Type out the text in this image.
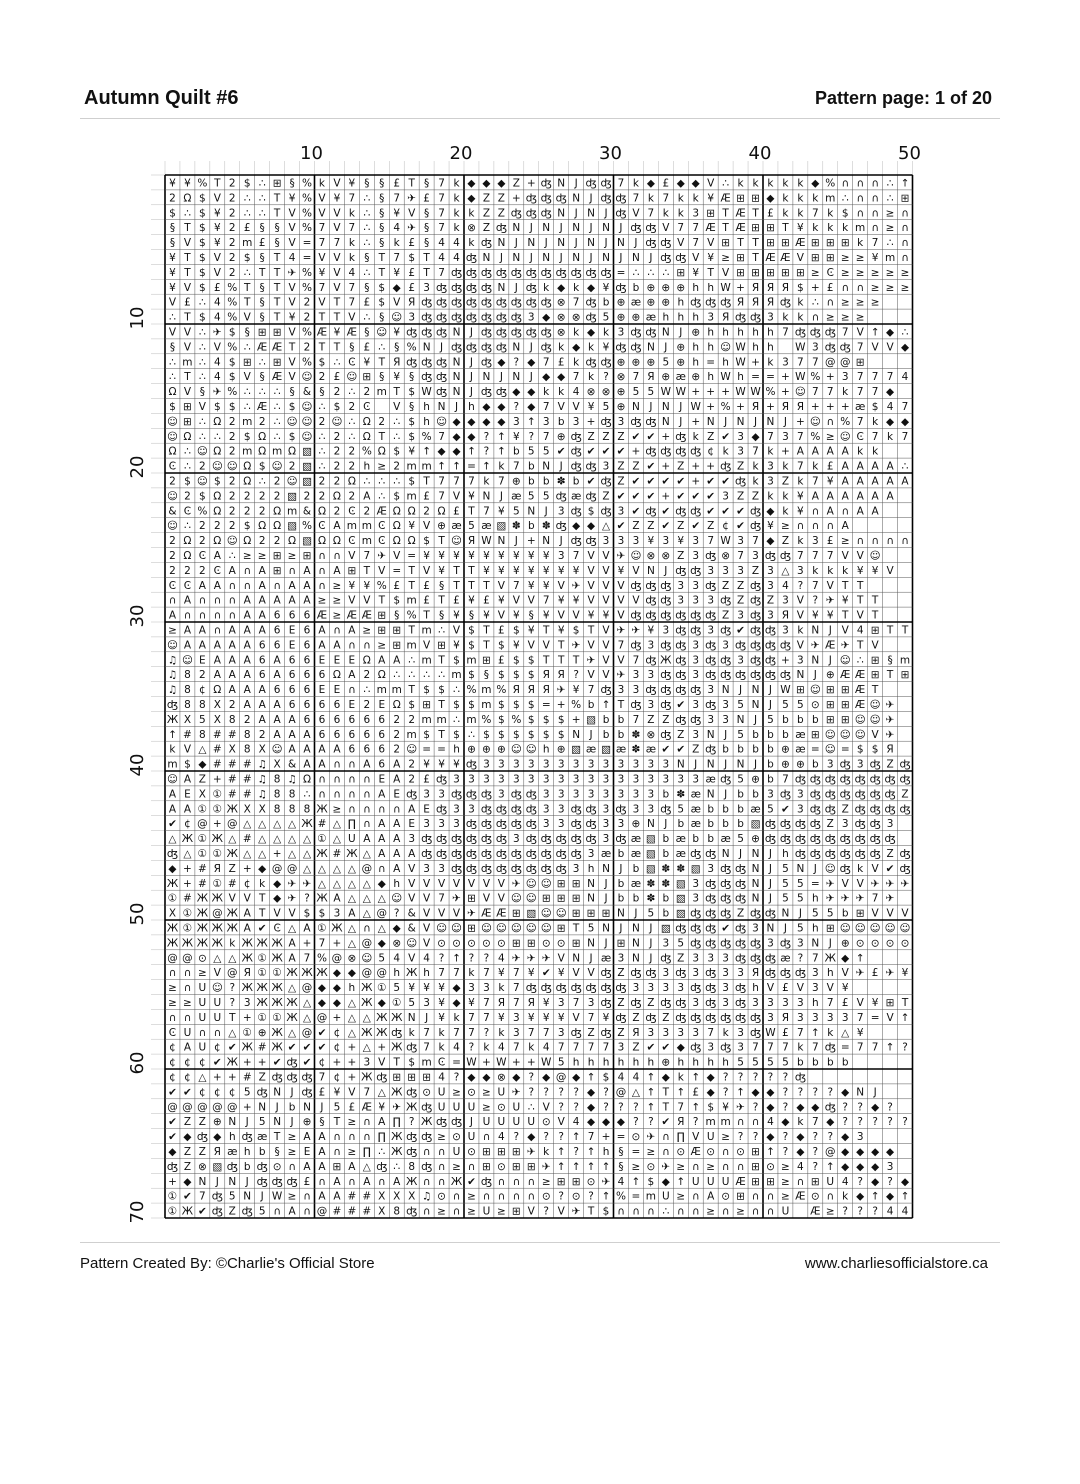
Autumn Quilt #6	Pattern page: 1 of 20
¥ ¥ % T 2 $ ∴ ⊞ § % k V ¥ § § £ T § 7 k ◆ ◆ ◆ Z + ʤ N J ʤ ʤ 7 k ◆ £ ◆ ◆ V ∴ k k k k k ◆ % ∩ ∩ ∩ ∴ ↑
2 Ω $ V 2 ∴ ∴ T ¥ % V ¥ 7 ∴ § 7 ✈ £ 7 k ◆ Z Z + ʤ ʤ ʤ N J ʤ ʤ 7 k 7 k k ¥ Æ ⊞ ⊞ ◆ k k k m ∴ ∩ ∩ ∴ ⊞
$ ∴ $ ¥ 2 ∴ ∴ T V % V V k ∴ § ¥ V § 7 k k Z Z ʤ ʤ ʤ N J N J ʤ V 7 k k 3 ⊞ T Æ T £ k k 7 k $ ∩ ∩ ≥ ∩
§ T $ ¥ 2 £ § § V % 7 V 7 ∴ § 4 ✈ § 7 k ⊗ Z ʤ N J N J N J N J ʤ ʤ V 7 7 Æ T Æ ⊞ ⊞ T ¥ k k k m ∩ ≥ ∩
§ V $ ¥ 2 m £ § V = 7 7 k ∴ § k £ § 4 4 k ʤ N J N J N J N J N J ʤ ʤ V 7 V ⊞ T T ⊞ ⊞ Æ ⊞ ⊞ ⊞ k 7 ∴ ∩
¥ T $ V 2 $ § T 4 = V V k § T 7 $ T 4 4 ʤ N J N J N J N J N J N J ʤ ʤ V ¥ ≥ ⊞ T Æ Æ V ⊞ ⊞ ≥ ≥ ¥ m ∩
¥ T $ V 2 ∴ T T ✈ % ¥ V 4 ∴ T ¥ £ T 7 ʤ ʤ ʤ ʤ ʤ ʤ ʤ ʤ ʤ ʤ ʤ = ∴ ∴ ∴ ⊞ ¥ T V ⊞ ⊞ ⊞ ⊞ ⊞ ≥ Ͼ ≥ ≥ ≥ ≥ ≥
¥ V $ £ % T § T V % 7 V 7 § $ ◆ £ 3 ʤ ʤ ʤ ʤ N J ʤ k ◆ k ◆ ¥ ʤ b ⊕ ⊕ ⊕ h h W + Я Я Я $ + £ ∩ ∩ ≥ ≥ ≥
V £ ∴ 4 % T § T V 2 V T 7 £ $ V Я ʤ ʤ ʤ ʤ ʤ ʤ ʤ ʤ ʤ ⊗ 7 ʤ b ⊕ æ ⊕ ⊕ h ʤ ʤ ʤ Я Я Я ʤ k ∴ ∩ ≥ ≥ ≥
∴ T $ 4 % V § T ¥ 2 T T V ∴ § ☺ 3 ʤ ʤ ʤ ʤ ʤ ʤ ʤ 3 ◆ ⊗ ⊗ ʤ 5 ⊕ ⊕ æ h h h 3 Я ʤ ʤ 3 k k ∩ ≥ ≥ ≥
V V ∴ ✈ $ § ⊞ ⊞ V % Æ ¥ Æ § ☺ ¥ ʤ ʤ ʤ N J ʤ ʤ ʤ ʤ ʤ ⊗ k ◆ k 3 ʤ ʤ N J ⊕ h h h h h 7 ʤ ʤ ʤ 7 V ↑ ◆ ∴
§ V ∴ V % ∴ Æ Æ T 2 T T § £ ∴ § % N J ʤ ʤ ʤ ʤ N J ʤ k ◆ k ¥ ʤ ʤ N J ⊕ h h ☺ W h h W 3 ʤ ʤ 7 V V ◆
∴ m ∴ 4 $ ⊞ ∴ ⊞ V % $ ∴ Ͼ ¥ T Я ʤ ʤ ʤ N J ʤ ◆ ? ◆ 7 £ k ʤ ʤ ⊕ ⊕ ⊕ 5 ⊕ h = h W + k 3 7 7 @ @ ⊞
∴ T ∴ 4 $ V § Æ V ☺ 2 £ ☺ ⊞ § ¥ § ʤ ʤ N J N J N J ◆ ◆ 7 k ? ⊗ 7 Я ⊕ æ ⊕ h W h = = + W % + 3 7 7 7 4
Ω V § ✈ % ∴ ∴ ∴ § & § 2 ∴ 2 m T $ W ʤ N J ʤ ʤ ◆ ◆ k k 4 ⊗ ⊗ ⊕ 5 5 W W + + + W W % + ☺ 7 7 k 7 7 ◆
$ ⊞ V $ $ ∴ Æ ∴ $ ☺ ∴ $ 2 Ͼ V § h N J h ◆ ◆ ? ◆ 7 V V ¥ 5 ⊕ N J N J W + % + Я + Я Я + + + æ $ 4 7
☺ ⊞ ∴ Ω 2 m 2 ∴ ☺ ☺ 2 ☺ ∴ Ω 2 ∴ $ h ☺ ◆ ◆ ◆ ◆ 3 ↑ 3 b 3 + ʤ 3 ʤ ʤ N J + N J N J N J + ☺ ∩ % 7 k ◆ ◆
☺ Ω ∴ ∴ 2 $ Ω ∴ $ ☺ ∴ 2 ∴ Ω T ∴ $ % 7 ◆ ◆ ? ↑ ¥ ? 7 ⊕ ʤ Z Z Z ✔ ✔ + ʤ k Z ✔ 3 ◆ 7 3 7 % ≥ ☺ Ͼ 7 k 7
Ω ∴ ☺ Ω 2 m Ω m Ω ▧ ∴ 2 2 % Ω $ ¥ ↑ ◆ ◆ ↑ ? ↑ b 5 5 ✔ ʤ ✔ ✔ ✔ + ʤ ʤ ʤ ʤ ¢ k 3 7 k + A A A A k k
Ͼ ∴ 2 ☺ ☺ Ω $ ☺ 2 ▧ ∴ 2 2 h ≥ 2 m m ↑ ↑ = ↑ k 7 b N J ʤ ʤ 3 Z Z ✔ + Z + + ʤ Z k 3 k 7 k £ A A A A ∴
2 $ ☺ $ 2 Ω ∴ 2 ☺ ▧ 2 2 Ω ∴ ∴ ∴ $ T 7 7 7 k 7 ⊕ b b ✽ b ✔ ʤ Z ✔ ✔ ✔ ✔ + ✔ ✔ ʤ k 3 Z k 7 ¥ A A A A A
☺ 2 $ Ω 2 2 2 2 ▧ 2 2 Ω 2 A ∴ $ m £ 7 V ¥ N J æ 5 5 ʤ æ ʤ Z ✔ ✔ ✔ + ✔ ✔ ✔ 3 Z Z k k ¥ A A A A A A
& Ͼ % Ω 2 2 2 Ω m & Ω 2 Ͼ 2 Æ Ω Ω 2 Ω £ T 7 ¥ 5 N J 3 ʤ $ ʤ 3 ✔ ʤ ✔ ʤ ʤ ✔ ✔ ✔ ʤ ◆ k ¥ ∩ A ∩ A A
☺ ∴ 2 2 2 $ Ω Ω ▧ % Ͼ A m m Ͼ Ω ¥ V ⊕ æ 5 æ ▧ ✽ b ✽ ʤ ◆ ◆ △ ✔ Z Z ✔ Z ✔ Z ¢ ✔ ʤ ¥ ≥ ∩ ∩ ∩ A
2 Ω 2 Ω ☺ Ω 2 2 Ω ▧ Ω Ω Ͼ m Ͼ Ω Ω $ T ☺ Я W N J + N J ʤ ʤ 3 3 3 ¥ 3 ¥ 3 7 W 3 7 ◆ Z k 3 £ ≥ ∩ ∩ ∩ ∩
2 Ω Ͼ A ∴ ≥ ≥ ⊞ ≥ ⊞ ∩ ∩ V 7 ✈ V = ¥ ¥ ¥ ¥ ¥ ¥ ¥ ¥ ¥ 3 7 V V ✈ ☺ ⊗ ⊗ Z 3 ʤ ⊗ 7 3 ʤ ʤ 7 7 7 V V ☺
2 2 2 Ͼ A ∩ A ⊞ ∩ A ∩ A ⊞ T V = T V ¥ T T ¥ ¥ ¥ ¥ ¥ ¥ ¥ V V ¥ V N J ʤ ʤ 3 3 3 Z 3 △ 3 k k k ¥ ¥ V
Ͼ Ͼ A A ∩ ∩ A ∩ A A ∩ ≥ ¥ ¥ % £ T £ § T T T V 7 ¥ ¥ V ✈ V V V ʤ ʤ ʤ 3 3 ʤ Z Z ʤ 3 4 ? 7 V T T
∩ A ∩ ∩ ∩ A A A A A ≥ ≥ V V T $ m £ T £ ¥ £ ¥ V V 7 ¥ ¥ V V V V ʤ ʤ 3 3 3 ʤ Z ʤ Z 3 V ? ✈ ¥ T T
A ∩ ∩ ∩ ∩ A A 6 6 6 Æ ≥ Æ Æ ⊞ § % T § ¥ § ¥ V ¥ § ¥ V V ¥ ¥ V ʤ ʤ ʤ ʤ ʤ ʤ Z 3 ʤ 3 Я V ¥ ¥ T V T
≥ A A ∩ A A A 6 E 6 A ∩ A ≥ ⊞ ⊞ T m ∴ V $ T £ $ ¥ T ¥ $ T V ✈ ✈ ¥ 3 ʤ ʤ 3 ʤ ✔ ʤ ʤ 3 k N J V 4 ⊞ T T
☺ A A A A A 6 6 E 6 A A ∩ ∩ ≥ ⊞ m V ⊞ ¥ $ T $ ¥ V V T ✈ V V 7 ʤ 3 ʤ ʤ 3 ʤ 3 ʤ ʤ ʤ ʤ V ✈ Æ ✈ T V
♫ ☺ E A A A 6 A 6 6 E E E Ω A A ∴ m T $ m ⊞ £ $ $ T T T ✈ V V 7 ʤ Ж ʤ 3 ʤ ʤ 3 ʤ ʤ + 3 N J ☺ ∴ ⊞ § m
♫ 8 2 A A A 6 A 6 6 6 Ω A 2 Ω ∴ ∴ ∴ ∴ m $ § $ $ $ Я Я ? V V ✈ 3 3 ʤ ʤ 3 ʤ ʤ ʤ ʤ ʤ ʤ N J ⊕ Æ Æ ⊞ T ⊞
♫ 8 ¢ Ω A A A 6 6 6 E E ∩ ∴ m m T $ $ ∴ % m % Я Я Я ✈ ¥ 7 ʤ 3 3 ʤ ʤ ʤ ʤ 3 N J N J W ⊞ ☺ ⊞ ⊞ Æ T
ʤ 8 8 X 2 A A A 6 6 6 6 E 2 E Ω $ ⊞ T $ $ m $ $ $ = + % b ↑ T ʤ 3 ʤ ✔ 3 ʤ 3 5 N J 5 5 ⊙ ⊞ ⊞ Æ ☺ ✈
Ж X 5 X 8 2 A A A 6 6 6 6 6 6 2 2 m m ∴ m % $ % $ $ $ + ▧ b b 7 Z Z ʤ ʤ 3 3 N J 5 b b b ⊞ ⊞ ☺ ☺ ✈
↑ # 8 # # 8 2 A A A 6 6 6 6 6 2 m $ T $ ∴ $ $ $ $ $ $ N J b b ✽ ⊗ ʤ Z 3 N J 5 b b b æ ⊞ ☺ ☺ ☺ V ✈
k V △ # X 8 X ☺ A A A A 6 6 6 2 ☺ = = h ⊕ ⊕ ⊕ ☺ ☺ h ⊕ ▧ æ ▧ æ ✽ æ ✔ ✔ Z ʤ b b b b ⊕ æ = ☺ = $ $ Я
m $ ◆ # # # ♫ X & A A ∩ ∩ A 6 A 2 ¥ ¥ ¥ ʤ 3 3 3 3 3 3 3 3 3 3 3 3 3 N J N J N J b ⊕ ⊕ b 3 ʤ 3 ʤ Z ʤ
☺ A Z + # # ♫ 8 ♫ Ω ∩ ∩ ∩ ∩ E A 2 £ ʤ 3 3 3 3 3 3 3 3 3 3 3 3 3 3 3 3 3 æ ʤ 5 ⊕ b 7 ʤ ʤ ʤ ʤ ʤ ʤ ʤ ʤ
A E X ① # # ♫ 8 8 ∴ ∩ ∩ ∩ ∩ A E ʤ 3 3 ʤ ʤ ʤ 3 ʤ ʤ 3 3 3 3 3 3 3 3 b ✽ æ N J b b 3 ʤ 3 ʤ ʤ ʤ ʤ ʤ ʤ Z
A A ① ① Ж X X 8 8 8 Ж ≥ ∩ ∩ ∩ ∩ A E ʤ 3 3 ʤ ʤ ʤ ʤ 3 3 ʤ ʤ 3 ʤ 3 3 ʤ 5 æ b b b æ 5 ✔ 3 ʤ ʤ Z ʤ ʤ ʤ ʤ
✔ ¢ @ + @ △ △ △ △ Ж # △ ∏ ∩ A A E 3 3 3 ʤ ʤ ʤ ʤ ʤ 3 3 ʤ ʤ 3 3 ⊕ N J b æ b b b ▧ ʤ ʤ ʤ ʤ Z 3 ʤ ʤ 3
△ Ж ① Ж △ # △ △ △ △ ① △ U A A A 3 ʤ ʤ ʤ ʤ ʤ ʤ 3 ʤ ʤ ʤ ʤ ʤ 3 ʤ æ ▧ b æ b b æ 5 ⊕ ʤ ʤ ʤ ʤ ʤ ʤ ʤ ʤ ʤ
ʤ △ ① ① Ж △ △ + △ △ Ж # Ж △ A A A ʤ ʤ ʤ ʤ ʤ ʤ ʤ ʤ ʤ ʤ ʤ 3 æ b æ ▧ b æ ʤ ʤ N J N J h ʤ ʤ ʤ ʤ ʤ ʤ Z ʤ
◆ + # Я Z + ◆ @ @ △ △ △ △ @ ∩ A V 3 3 ʤ ʤ ʤ ʤ ʤ ʤ ʤ ʤ 3 h N J b ▧ ✽ ✽ ▧ 3 ʤ ʤ N J 5 N J ☺ ʤ k V ✔ ʤ
Ж + # ① # ¢ k ◆ ✈ ✈ △ △ △ △ ◆ h V V V V V V V ✈ ☺ ☺ ⊞ ⊞ N J b æ ✽ ✽ ▧ 3 ʤ ʤ ʤ N J 5 5 = ✈ V V ✈ ✈ ✈
① # Ж Ж V V T ◆ ✈ ? Ж A △ △ △ ☺ V V 7 ✈ ⊞ V V ☺ ☺ ⊞ ⊞ ⊞ N J b b ✽ b ▧ 3 ʤ ʤ ʤ N J 5 5 h ✈ ✈ ✈ 7 ✈
X ① Ж @ Ж A T V V $ $ 3 A △ @ ? & V V V ✈ Æ Æ ⊞ ▧ ☺ ☺ ⊞ ⊞ ⊞ N J 5 b ▧ ʤ ʤ ʤ Z ʤ ʤ N J 5 5 b ⊞ V V V
Ж ① Ж Ж Ж A ✔ Ͼ △ A ① Ж △ ∩ △ ◆ & V ☺ ☺ ⊞ ☺ ☺ ☺ ☺ ☺ ⊞ T 5 N J N J ▧ ʤ ʤ ʤ ✔ ʤ 3 N J 5 h ⊞ ☺ ☺ ☺ ☺ ☺
Ж Ж Ж Ж k Ж Ж Ж A + 7 + △ @ ◆ ⊗ ☺ V ⊙ ⊙ ⊙ ⊙ ⊙ ⊞ ⊞ ⊙ ⊙ ⊞ N J ⊞ N J 3 5 ʤ ʤ ʤ ʤ ʤ 3 ʤ 3 N J ⊕ ⊙ ⊙ ⊙ ⊙
@ @ ⊙ △ △ Ж ① Ж A 7 % @ ⊗ ☺ 5 4 V 4 ? ↑ ? ? 4 ✈ ✈ ✈ V N J æ 3 N J ʤ Z 3 3 3 ʤ ʤ ʤ æ ? 7 Ж ◆ ↑
∩ ∩ ≥ V @ Я ① ① Ж Ж Ж ◆ ◆ @ @ h Ж h 7 7 k 7 ¥ 7 ¥ ✔ ¥ V V ʤ Z ʤ ʤ 3 ʤ 3 ʤ 3 3 Я ʤ ʤ ʤ 3 h V ✈ £ ✈ ¥
≥ ∩ U ☺ ? Ж Ж Ж △ @ ◆ ◆ h Ж ① 5 ¥ ¥ ¥ ◆ 3 3 k 7 ʤ ʤ ʤ ʤ ʤ ʤ ʤ 3 3 3 3 ʤ ʤ 3 ʤ h V £ V 3 V ¥
≥ ≥ U U ? 3 Ж Ж Ж △ ◆ ◆ △ Ж ◆ ① 5 3 ¥ ◆ ¥ 7 Я 7 Я ¥ 3 7 3 ʤ Z ʤ Z ʤ ʤ 3 ʤ 3 ʤ 3 3 3 3 h 7 £ V ¥ ⊞ T
∩ ∩ U U T + ① ① Ж △ @ + △ △ Ж Ж N J ¥ k 7 7 ¥ 3 ¥ ¥ ¥ V 7 ¥ ʤ Z ʤ Z ʤ ʤ ʤ ʤ ʤ ʤ 3 Я 3 3 3 3 7 = V ↑
Ͼ U ∩ ∩ △ ① ⊕ Ж △ @ ✔ ¢ △ Ж Ж ʤ k 7 k 7 7 ? k 3 7 7 3 ʤ Z ʤ Z Я 3 3 3 3 7 k 3 ʤ W £ 7 ↑ k △ ¥
¢ A U ¢ ✔ Ж # Ж ✔ ✔ ✔ ¢ + △ + Ж ʤ 7 k 4 ? k 4 7 k 4 7 7 7 7 3 Z ✔ ✔ ◆ ʤ 3 ʤ 3 7 7 7 k 7 ʤ = 7 7 ↑ ?
¢ ¢ ¢ ✔ Ж + + ✔ ʤ ✔ ¢ + + 3 V T $ m Ͼ = W + W + + W 5 h h h h h h ⊕ h h h h 5 5 5 5 b b b b
¢ ¢ △ + + # Z ʤ ʤ ʤ 7 ¢ + Ж ʤ ⊞ ⊞ ⊞ 4 ? ◆ ◆ ⊗ ◆ ? ◆ @ ◆ ↑ $ 4 4 ↑ ◆ k ↑ ◆ ? ? ? ? ? ʤ
✔ ✔ ¢ ¢ ¢ 5 ʤ N J ʤ £ ¥ V 7 △ Ж ʤ ⊙ U ≥ ⊙ ≥ U ✈ ? ? ? ? ◆ ? @ △ ↑ T ↑ £ ◆ ? ↑ ◆ ◆ ? ? ? ? ◆ N J
@ @ @ @ @ + N J b N J 5 £ Æ ¥ ✈ Ж ʤ U U U ≥ ⊙ U ∴ V ? ? ◆ ? ? ? ↑ T 7 ↑ $ ¥ ✈ ? ◆ ? ◆ ◆ ʤ ? ? ◆ ?
✔ Z Z ⊕ N J 5 N J ⊕ § T ≥ ∩ A ∏ ? Ж ʤ ʤ J U U U U ⊙ V 4 ◆ ◆ ◆ ? ? ✔ Я ? m m ∩ ∩ 4 ◆ k 7 ◆ ? ? ? ? ?
✔ ◆ ʤ ◆ h ʤ æ T ≥ A A ∩ ∩ ∩ ∏ Ж ʤ ʤ ≥ ⊙ U ∩ 4 ? ◆ ? ? ↑ 7 + = ⊙ ✈ ∩ ∏ V U ≥ ? ? ◆ ? ◆ ? ? ◆ 3
◆ Z Z Я æ h b § ≥ E A ∩ ≥ ∏ ∴ Ж ʤ ∩ ∩ U ⊙ ⊞ ⊞ ⊞ ✈ k ↑ ? ↑ h § = ≥ ∩ ⊙ Æ ⊙ ∩ ⊙ ⊞ ↑ ? ◆ ? @ ◆ ◆ ◆ ◆
ʤ Z ⊗ ▧ ʤ b ʤ ⊙ ∩ A A ⊞ A △ ʤ ∴ 8 ʤ ∩ ≥ ∩ ⊞ ⊙ ⊞ ⊞ ✈ ↑ ↑ ↑ ↑ § ≥ ⊙ ✈ ≥ ∩ ≥ ∩ ∩ ⊞ ⊙ ≥ 4 ? ↑ ◆ ◆ ◆ 3
+ ◆ N J N J ʤ ʤ ʤ £ ∩ A ∩ A ∩ A Ж ∩ ∩ Ж ✔ ʤ ∩ ∩ ∩ ≥ ⊞ ⊞ ⊙ ✈ 4 ↑ $ ◆ ↑ U U U Æ ⊞ ⊞ ≥ ∩ ⊞ U 4 ? ◆ ? ◆
① ✔ 7 ʤ 5 N J W ≥ ∩ A A # # X X X ♫ ⊙ ∩ ≥ ∩ ∩ ∩ ∩ ⊙ ? ⊙ ? ↑ % = m U ≥ ∩ A ⊙ ⊞ ∩ ∩ ≥ Æ ⊙ ∩ k ◆ ↑ ◆ ↑
① Ж ✔ ʤ Z ʤ 5 ∩ A ∩ @ # # # X 8 ʤ ∩ ≥ ∩ ≥ U ≥ ⊞ V ? V ✈ T $ ∩ ∩ ∩ ∴ ∩ ∩ ≥ ∩ ≥ ∩ ∩ U Æ ≥ ? ? ? 4 4
10	20	30	40	50
10
20
30
40
50
60
70
Pattern Created By: ©Charlie's Official Store	www.charliesofficialstore.ca
